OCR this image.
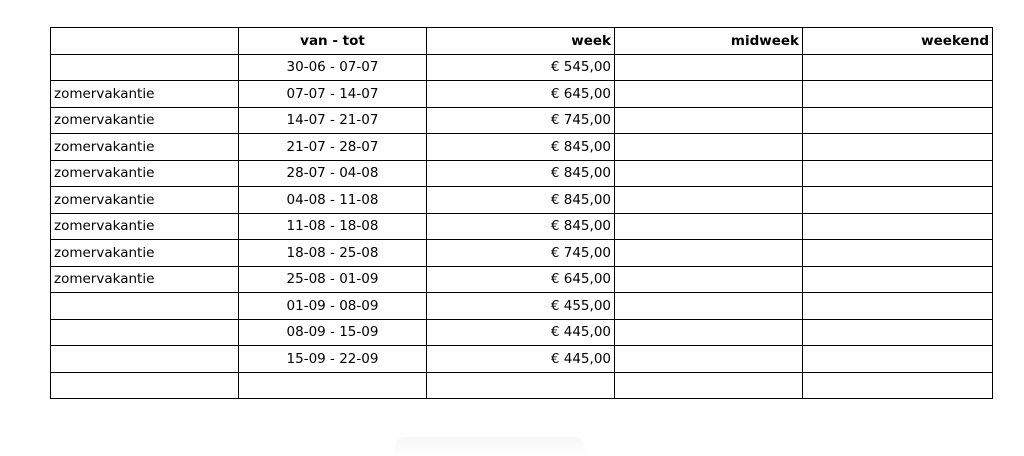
	van - tot	week	midweek	weekend
	30-06 - 07-07	€ 545,00		
zomervakantie	07-07 - 14-07	€ 645,00		
zomervakantie	14-07 - 21-07	€ 745,00		
zomervakantie	21-07 - 28-07	€ 845,00		
zomervakantie	28-07 - 04-08	€ 845,00		
zomervakantie	04-08 - 11-08	€ 845,00		
zomervakantie	11-08 - 18-08	€ 845,00		
zomervakantie	18-08 - 25-08	€ 745,00		
zomervakantie	25-08 - 01-09	€ 645,00		
	01-09 - 08-09	€ 455,00		
	08-09 - 15-09	€ 445,00		
	15-09 - 22-09	€ 445,00		
